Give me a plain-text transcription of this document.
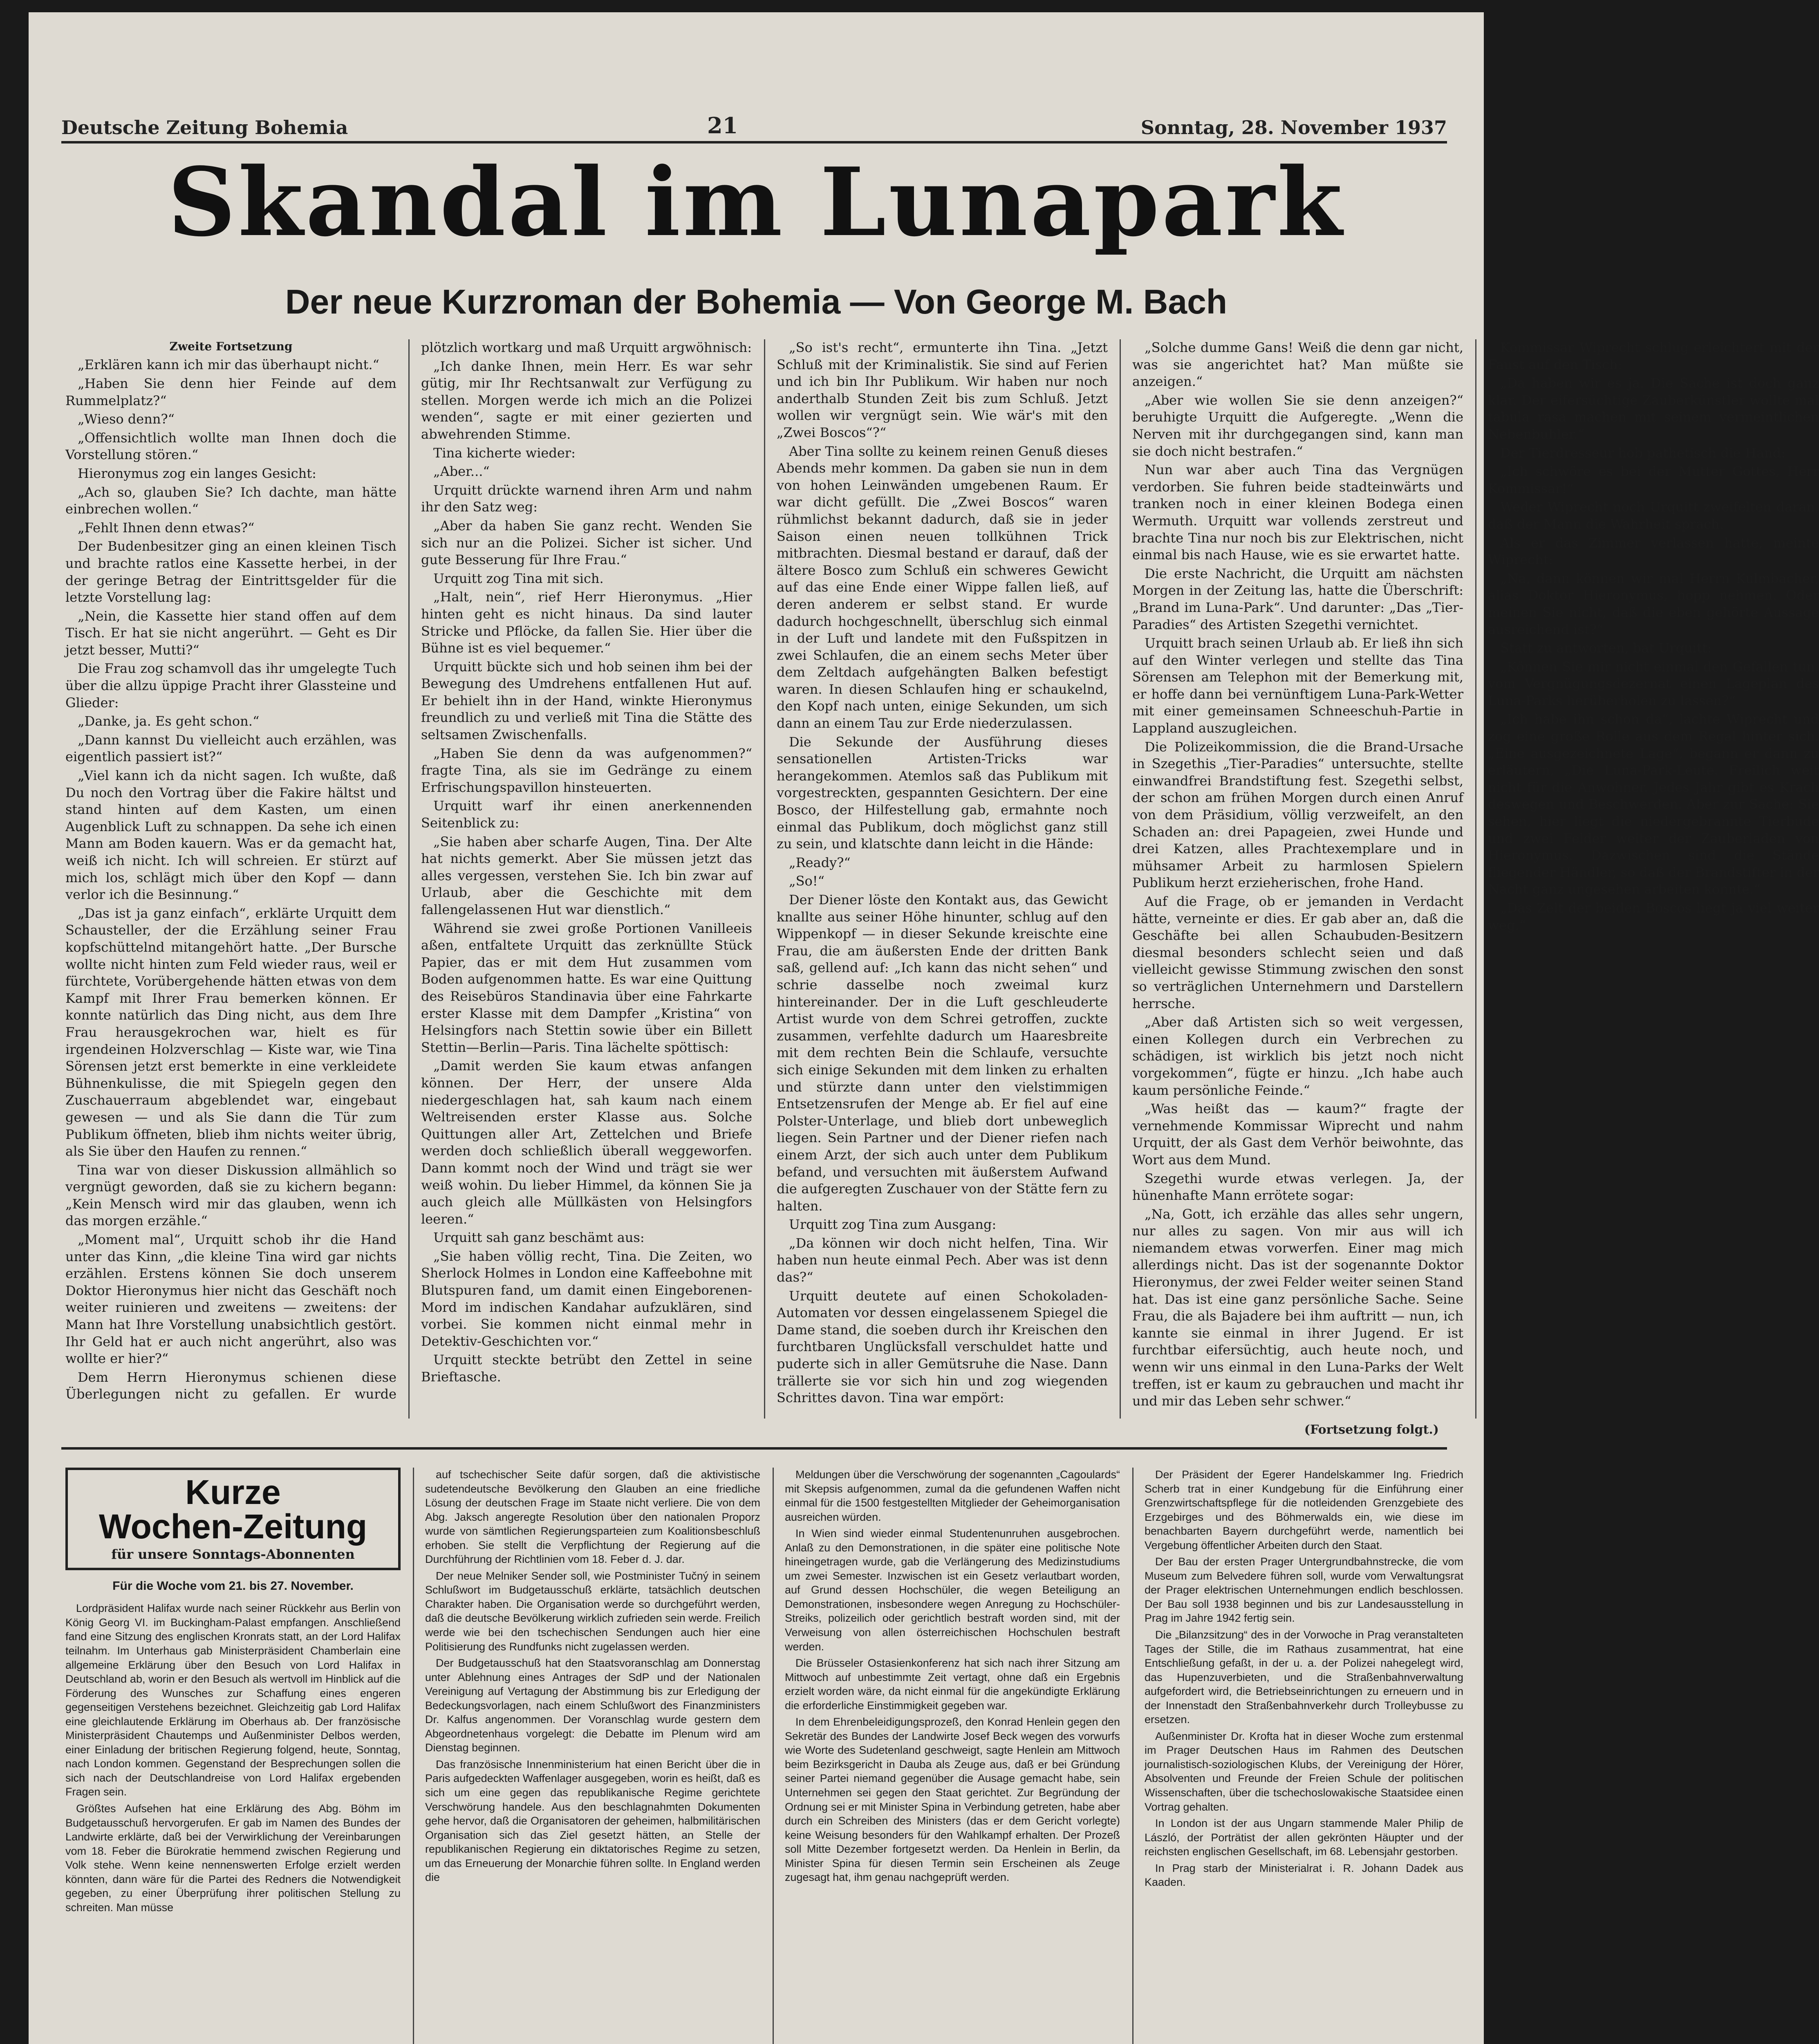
Deutsche Zeitung Bohemia	21	Sonntag, 28. November 1937
Skandal im Lunapark
Der neue Kurzroman der Bohemia — Von George M. Bach

Zweite Fortsetzung

„Erklären kann ich mir das überhaupt nicht.“

„Haben Sie denn hier Feinde auf dem Rummelplatz?“

„Wieso denn?“

„Offensichtlich wollte man Ihnen doch die Vorstellung stören.“

Hieronymus zog ein langes Gesicht:

„Ach so, glauben Sie? Ich dachte, man hätte einbrechen wollen.“

„Fehlt Ihnen denn etwas?“

Der Budenbesitzer ging an einen kleinen Tisch und brachte ratlos eine Kassette herbei, in der der geringe Betrag der Eintrittsgelder für die letzte Vorstellung lag:

„Nein, die Kassette hier stand offen auf dem Tisch. Er hat sie nicht angerührt. — Geht es Dir jetzt besser, Mutti?“

Die Frau zog schamvoll das ihr umgelegte Tuch über die allzu üppige Pracht ihrer Glassteine und Glieder:

„Danke, ja. Es geht schon.“

„Dann kannst Du vielleicht auch erzählen, was eigentlich passiert ist?“

„Viel kann ich da nicht sagen. Ich wußte, daß Du noch den Vortrag über die Fakire hältst und stand hinten auf dem Kasten, um einen Augenblick Luft zu schnappen. Da sehe ich einen Mann am Boden kauern. Was er da gemacht hat, weiß ich nicht. Ich will schreien. Er stürzt auf mich los, schlägt mich über den Kopf — dann verlor ich die Besinnung.“

„Das ist ja ganz einfach“, erklärte Urquitt dem Schausteller, der die Erzählung seiner Frau kopfschüttelnd mitangehört hatte. „Der Bursche wollte nicht hinten zum Feld wieder raus, weil er fürchtete, Vorübergehende hätten etwas von dem Kampf mit Ihrer Frau bemerken können. Er konnte natürlich das Ding nicht, aus dem Ihre Frau herausgekrochen war, hielt es für irgendeinen Holzverschlag — Kiste war, wie Tina Sörensen jetzt erst bemerkte in eine verkleidete Bühnenkulisse, die mit Spiegeln gegen den Zuschauerraum abgeblendet war, eingebaut gewesen — und als Sie dann die Tür zum Publikum öffneten, blieb ihm nichts weiter übrig, als Sie über den Haufen zu rennen.“

Tina war von dieser Diskussion allmählich so vergnügt geworden, daß sie zu kichern begann: „Kein Mensch wird mir das glauben, wenn ich das morgen erzähle.“

„Moment mal“, Urquitt schob ihr die Hand unter das Kinn, „die kleine Tina wird gar nichts erzählen. Erstens können Sie doch unserem Doktor Hieronymus hier nicht das Geschäft noch weiter ruinieren und zweitens — zweitens: der Mann hat Ihre Vorstellung unabsichtlich gestört. Ihr Geld hat er auch nicht angerührt, also was wollte er hier?“

Dem Herrn Hieronymus schienen diese Überlegungen nicht zu gefallen. Er wurde plötzlich wortkarg und maß Urquitt argwöhnisch:

„Ich danke Ihnen, mein Herr. Es war sehr gütig, mir Ihr Rechtsanwalt zur Verfügung zu stellen. Morgen werde ich mich an die Polizei wenden“, sagte er mit einer gezierten und abwehrenden Stimme.

Tina kicherte wieder:

„Aber...“

Urquitt drückte warnend ihren Arm und nahm ihr den Satz weg:

„Aber da haben Sie ganz recht. Wenden Sie sich nur an die Polizei. Sicher ist sicher. Und gute Besserung für Ihre Frau.“

Urquitt zog Tina mit sich.

„Halt, nein“, rief Herr Hieronymus. „Hier hinten geht es nicht hinaus. Da sind lauter Stricke und Pflöcke, da fallen Sie. Hier über die Bühne ist es viel bequemer.“

Urquitt bückte sich und hob seinen ihm bei der Bewegung des Umdrehens entfallenen Hut auf. Er behielt ihn in der Hand, winkte Hieronymus freundlich zu und verließ mit Tina die Stätte des seltsamen Zwischenfalls.

„Haben Sie denn da was aufgenommen?“ fragte Tina, als sie im Gedränge zu einem Erfrischungspavillon hinsteuerten.

Urquitt warf ihr einen anerkennenden Seitenblick zu:

„Sie haben aber scharfe Augen, Tina. Der Alte hat nichts gemerkt. Aber Sie müssen jetzt das alles vergessen, verstehen Sie. Ich bin zwar auf Urlaub, aber die Geschichte mit dem fallengelassenen Hut war dienstlich.“

Während sie zwei große Portionen Vanilleeis aßen, entfaltete Urquitt das zerknüllte Stück Papier, das er mit dem Hut zusammen vom Boden aufgenommen hatte. Es war eine Quittung des Reisebüros Standinavia über eine Fahrkarte erster Klasse mit dem Dampfer „Kristina“ von Helsingfors nach Stettin sowie über ein Billett Stettin—Berlin—Paris. Tina lächelte spöttisch:

„Damit werden Sie kaum etwas anfangen können. Der Herr, der unsere Alda niedergeschlagen hat, sah kaum nach einem Weltreisenden erster Klasse aus. Solche Quittungen aller Art, Zettelchen und Briefe werden doch schließlich überall weggeworfen. Dann kommt noch der Wind und trägt sie wer weiß wohin. Du lieber Himmel, da können Sie ja auch gleich alle Müllkästen von Helsingfors leeren.“

Urquitt sah ganz beschämt aus:

„Sie haben völlig recht, Tina. Die Zeiten, wo Sherlock Holmes in London eine Kaffeebohne mit Blutspuren fand, um damit einen Eingeborenen-Mord im indischen Kandahar aufzuklären, sind vorbei. Sie kommen nicht einmal mehr in Detektiv-Geschichten vor.“

Urquitt steckte betrübt den Zettel in seine Brieftasche.

„So ist's recht“, ermunterte ihn Tina. „Jetzt Schluß mit der Kriminalistik. Sie sind auf Ferien und ich bin Ihr Publikum. Wir haben nur noch anderthalb Stunden Zeit bis zum Schluß. Jetzt wollen wir vergnügt sein. Wie wär's mit den „Zwei Boscos“?“

Aber Tina sollte zu keinem reinen Genuß dieses Abends mehr kommen. Da gaben sie nun in dem von hohen Leinwänden umgebenen Raum. Er war dicht gefüllt. Die „Zwei Boscos“ waren rühmlichst bekannt dadurch, daß sie in jeder Saison einen neuen tollkühnen Trick mitbrachten. Diesmal bestand er darauf, daß der ältere Bosco zum Schluß ein schweres Gewicht auf das eine Ende einer Wippe fallen ließ, auf deren anderem er selbst stand. Er wurde dadurch hochgeschnellt, überschlug sich einmal in der Luft und landete mit den Fußspitzen in zwei Schlaufen, die an einem sechs Meter über dem Zeltdach aufgehängten Balken befestigt waren. In diesen Schlaufen hing er schaukelnd, den Kopf nach unten, einige Sekunden, um sich dann an einem Tau zur Erde niederzulassen.

Die Sekunde der Ausführung dieses sensationellen Artisten-Tricks war herangekommen. Atemlos saß das Publikum mit vorgestreckten, gespannten Gesichtern. Der eine Bosco, der Hilfestellung gab, ermahnte noch einmal das Publikum, doch möglichst ganz still zu sein, und klatschte dann leicht in die Hände:

„Ready?“

„So!“

Der Diener löste den Kontakt aus, das Gewicht knallte aus seiner Höhe hinunter, schlug auf den Wippenkopf — in dieser Sekunde kreischte eine Frau, die am äußersten Ende der dritten Bank saß, gellend auf: „Ich kann das nicht sehen“ und schrie dasselbe noch zweimal kurz hintereinander. Der in die Luft geschleuderte Artist wurde von dem Schrei getroffen, zuckte zusammen, verfehlte dadurch um Haaresbreite mit dem rechten Bein die Schlaufe, versuchte sich einige Sekunden mit dem linken zu erhalten und stürzte dann unter den vielstimmigen Entsetzensrufen der Menge ab. Er fiel auf eine Polster-Unterlage, und blieb dort unbeweglich liegen. Sein Partner und der Diener riefen nach einem Arzt, der sich auch unter dem Publikum befand, und versuchten mit äußerstem Aufwand die aufgeregten Zuschauer von der Stätte fern zu halten.

Urquitt zog Tina zum Ausgang:

„Da können wir doch nicht helfen, Tina. Wir haben nun heute einmal Pech. Aber was ist denn das?“

Urquitt deutete auf einen Schokoladen-Automaten vor dessen eingelassenem Spiegel die Dame stand, die soeben durch ihr Kreischen den furchtbaren Unglücksfall verschuldet hatte und puderte sich in aller Gemütsruhe die Nase. Dann trällerte sie vor sich hin und zog wiegenden Schrittes davon. Tina war empört:

„Solche dumme Gans! Weiß die denn gar nicht, was sie angerichtet hat? Man müßte sie anzeigen.“

„Aber wie wollen Sie sie denn anzeigen?“ beruhigte Urquitt die Aufgeregte. „Wenn die Nerven mit ihr durchgegangen sind, kann man sie doch nicht bestrafen.“

Nun war aber auch Tina das Vergnügen verdorben. Sie fuhren beide stadteinwärts und tranken noch in einer kleinen Bodega einen Wermuth. Urquitt war vollends zerstreut und brachte Tina nur noch bis zur Elektrischen, nicht einmal bis nach Hause, wie es sie erwartet hatte.

Die erste Nachricht, die Urquitt am nächsten Morgen in der Zeitung las, hatte die Überschrift: „Brand im Luna-Park“. Und darunter: „Das „Tier-Paradies“ des Artisten Szegethi vernichtet.

Urquitt brach seinen Urlaub ab. Er ließ ihn sich auf den Winter verlegen und stellte das Tina Sörensen am Telephon mit der Bemerkung mit, er hoffe dann bei vernünftigem Luna-Park-Wetter mit einer gemeinsamen Schneeschuh-Partie in Lappland auszugleichen.

Die Polizeikommission, die die Brand-Ursache in Szegethis „Tier-Paradies“ untersuchte, stellte einwandfrei Brandstiftung fest. Szegethi selbst, der schon am frühen Morgen durch einen Anruf von dem Präsidium, völlig verzweifelt, an den Schaden an: drei Papageien, zwei Hunde und drei Katzen, alles Prachtexemplare und in mühsamer Arbeit zu harmlosen Spielern Publikum herzt erzieherischen, frohe Hand.

Auf die Frage, ob er jemanden in Verdacht hätte, verneinte er dies. Er gab aber an, daß die Geschäfte bei allen Schaubuden-Besitzern diesmal besonders schlecht seien und daß vielleicht gewisse Stimmung zwischen den sonst so verträglichen Unternehmern und Darstellern herrsche.

„Aber daß Artisten sich so weit vergessen, einen Kollegen durch ein Verbrechen zu schädigen, ist wirklich bis jetzt noch nicht vorgekommen“, fügte er hinzu. „Ich habe auch kaum persönliche Feinde.“

„Was heißt das — kaum?“ fragte der vernehmende Kommissar Wiprecht und nahm Urquitt, der als Gast dem Verhör beiwohnte, das Wort aus dem Mund.

Szegethi wurde etwas verlegen. Ja, der hünenhafte Mann errötete sogar:

„Na, Gott, ich erzähle das alles sehr ungern, nur alles zu sagen. Von mir aus will ich niemandem etwas vorwerfen. Einer mag mich allerdings nicht. Das ist der sogenannte Doktor Hieronymus, der zwei Felder weiter seinen Stand hat. Das ist eine ganz persönliche Sache. Seine Frau, die als Bajadere bei ihm auftritt — nun, ich kannte sie einmal in ihrer Jugend. Er ist furchtbar eifersüchtig, auch heute noch, und wenn wir uns einmal in den Luna-Parks der Welt treffen, ist er kaum zu gebrauchen und macht ihr und mir das Leben sehr schwer.“

Kommissar Wiprecht schlug erleichtert mit der Faust auf den Tisch:

„Da haben wir es ja. Die Sache ist doch ganz klar. Der eifersüchtige Zauberkünstler wollte mal tabula rasa machen mit seinem vermeintlichen Nebenbuhler.“

Der Tierdresseur hob pathetisch die Hand:

„Ich schwöre es bei der Mutter Gottes, Herr Kommissar!“

Weder Wiprecht noch Urquitt zweifelten daran, daß der Mann die Wahrheit sprach.

Als er das Zimmer verlassen hatte, meinte Wiprecht:

„Na, dann können wir mal Herrn Kulmbacher, alias Doktor Hieronymus, hopp nehmen. Oder meinen Sie nicht, daß die eben gehörte Aussage ausreichend ist?“

Statt zu antworten, bat Urquitt:

„Können Sie mir nicht einmal den Gefallen tun, vom Vergnügungsdezernat einen Lageplan des Luna-Parks herüberholen zu lassen?“

„Ich habe ihn schon da“, lachte Wiprecht und zog eine große Rolle aus dem Regal hinter sich. „Eine ausgezeichnete Lage“, begann er dann zu erläutern, „Die Luna-Park-Leute. Freilich weit nicht für die Anwohner. Jedes Jahr gibt es Krach deswegen und Beschwerden. Aber zur Sache: Sie sehen, hier liegt die niedergebrannte Tierbude und zwei Felder weiter der Zauberladen von Hieronymus. Dazwischen sind die Stände fliegender Händler, so daß der Brandstifter in der Nacht ganz ungesehen arbeiten konnte.“

„Das Zelt der beiden Boscos liegt ja viel weiter weg.“

(Fortsetzung folgt.)
Kurze
Wochen-Zeitung
für unsere Sonntags-Abonnenten
Für die Woche vom 21. bis 27. November.

Lordpräsident Halifax wurde nach seiner Rückkehr aus Berlin von König Georg VI. im Buckingham-Palast empfangen. Anschließend fand eine Sitzung des englischen Kronrats statt, an der Lord Halifax teilnahm. Im Unterhaus gab Ministerpräsident Chamberlain eine allgemeine Erklärung über den Besuch von Lord Halifax in Deutschland ab, worin er den Besuch als wertvoll im Hinblick auf die Förderung des Wunsches zur Schaffung eines engeren gegenseitigen Verstehens bezeichnet. Gleichzeitig gab Lord Halifax eine gleichlautende Erklärung im Oberhaus ab. Der französische Ministerpräsident Chautemps und Außenminister Delbos werden, einer Einladung der britischen Regierung folgend, heute, Sonntag, nach London kommen. Gegenstand der Besprechungen sollen die sich nach der Deutschlandreise von Lord Halifax ergebenden Fragen sein.

Größtes Aufsehen hat eine Erklärung des Abg. Böhm im Budgetausschuß hervorgerufen. Er gab im Namen des Bundes der Landwirte erklärte, daß bei der Verwirklichung der Vereinbarungen vom 18. Feber die Bürokratie hemmend zwischen Regierung und Volk stehe. Wenn keine nennenswerten Erfolge erzielt werden könnten, dann wäre für die Partei des Redners die Notwendigkeit gegeben, zu einer Überprüfung ihrer politischen Stellung zu schreiten. Man müsse

auf tschechischer Seite dafür sorgen, daß die aktivistische sudetendeutsche Bevölkerung den Glauben an eine friedliche Lösung der deutschen Frage im Staate nicht verliere. Die von dem Abg. Jaksch angeregte Resolution über den nationalen Proporz wurde von sämtlichen Regierungsparteien zum Koalitionsbeschluß erhoben. Sie stellt die Verpflichtung der Regierung auf die Durchführung der Richtlinien vom 18. Feber d. J. dar.

Der neue Melniker Sender soll, wie Postminister Tučný in seinem Schlußwort im Budgetausschuß erklärte, tatsächlich deutschen Charakter haben. Die Organisation werde so durchgeführt werden, daß die deutsche Bevölkerung wirklich zufrieden sein werde. Freilich werde wie bei den tschechischen Sendungen auch hier eine Politisierung des Rundfunks nicht zugelassen werden.

Der Budgetausschuß hat den Staatsvoranschlag am Donnerstag unter Ablehnung eines Antrages der SdP und der Nationalen Vereinigung auf Vertagung der Abstimmung bis zur Erledigung der Bedeckungsvorlagen, nach einem Schlußwort des Finanzministers Dr. Kalfus angenommen. Der Voranschlag wurde gestern dem Abgeordnetenhaus vorgelegt: die Debatte im Plenum wird am Dienstag beginnen.

Das französische Innenministerium hat einen Bericht über die in Paris aufgedeckten Waffenlager ausgegeben, worin es heißt, daß es sich um eine gegen das republikanische Regime gerichtete Verschwörung handele. Aus den beschlagnahmten Dokumenten gehe hervor, daß die Organisatoren der geheimen, halbmilitärischen Organisation sich das Ziel gesetzt hätten, an Stelle der republikanischen Regierung ein diktatorisches Regime zu setzen, um das Erneuerung der Monarchie führen sollte. In England werden die

Meldungen über die Verschwörung der sogenannten „Cagoulards“ mit Skepsis aufgenommen, zumal da die gefundenen Waffen nicht einmal für die 1500 festgestellten Mitglieder der Geheimorganisation ausreichen würden.

In Wien sind wieder einmal Studentenunruhen ausgebrochen. Anlaß zu den Demonstrationen, in die später eine politische Note hineingetragen wurde, gab die Verlängerung des Medizinstudiums um zwei Semester. Inzwischen ist ein Gesetz verlautbart worden, auf Grund dessen Hochschüler, die wegen Beteiligung an Demonstrationen, insbesondere wegen Anregung zu Hochschüler-Streiks, polizeilich oder gerichtlich bestraft worden sind, mit der Verweisung von allen österreichischen Hochschulen bestraft werden.

Die Brüsseler Ostasienkonferenz hat sich nach ihrer Sitzung am Mittwoch auf unbestimmte Zeit vertagt, ohne daß ein Ergebnis erzielt worden wäre, da nicht einmal für die angekündigte Erklärung die erforderliche Einstimmigkeit gegeben war.

In dem Ehrenbeleidigungsprozeß, den Konrad Henlein gegen den Sekretär des Bundes der Landwirte Josef Beck wegen des vorwurfs wie Worte des Sudetenland geschweigt, sagte Henlein am Mittwoch beim Bezirksgericht in Dauba als Zeuge aus, daß er bei Gründung seiner Partei niemand gegenüber die Ausage gemacht habe, sein Unternehmen sei gegen den Staat gerichtet. Zur Begründung der Ordnung sei er mit Minister Spina in Verbindung getreten, habe aber durch ein Schreiben des Ministers (das er dem Gericht vorlegte) keine Weisung besonders für den Wahlkampf erhalten. Der Prozeß soll Mitte Dezember fortgesetzt werden. Da Henlein in Berlin, da Minister Spina für diesen Termin sein Erscheinen als Zeuge zugesagt hat, ihm genau nachgeprüft werden.

Der Präsident der Egerer Handelskammer Ing. Friedrich Scherb trat in einer Kundgebung für die Einführung einer Grenzwirtschaftspflege für die notleidenden Grenzgebiete des Erzgebirges und des Böhmerwalds ein, wie diese im benachbarten Bayern durchgeführt werde, namentlich bei Vergebung öffentlicher Arbeiten durch den Staat.

Der Bau der ersten Prager Untergrundbahnstrecke, die vom Museum zum Belvedere führen soll, wurde vom Verwaltungsrat der Prager elektrischen Unternehmungen endlich beschlossen. Der Bau soll 1938 beginnen und bis zur Landesausstellung in Prag im Jahre 1942 fertig sein.

Die „Bilanzsitzung“ des in der Vorwoche in Prag veranstalteten Tages der Stille, die im Rathaus zusammentrat, hat eine Entschließung gefaßt, in der u. a. der Polizei nahegelegt wird, das Hupenzuverbieten, und die Straßenbahnverwaltung aufgefordert wird, die Betriebseinrichtungen zu erneuern und in der Innenstadt den Straßenbahnverkehr durch Trolleybusse zu ersetzen.

Außenminister Dr. Krofta hat in dieser Woche zum erstenmal im Prager Deutschen Haus im Rahmen des Deutschen journalistisch-soziologischen Klubs, der Vereinigung der Hörer, Absolventen und Freunde der Freien Schule der politischen Wissenschaften, über die tschechoslowakische Staatsidee einen Vortrag gehalten.

In London ist der aus Ungarn stammende Maler Philip de László, der Porträtist der allen gekrönten Häupter und der reichsten englischen Gesellschaft, im 68. Lebensjahr gestorben.

In Prag starb der Ministerialrat i. R. Johann Dadek aus Kaaden.
